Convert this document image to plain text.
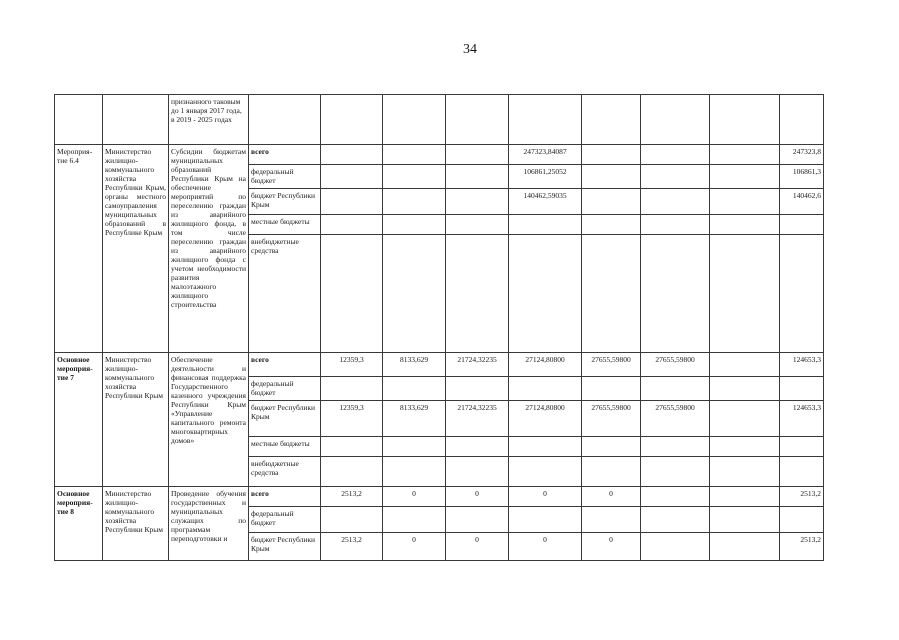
34
		признанного таковым до 1 января 2017 года, в 2019 - 2025 годах									
Мероприя-тие 6.4	Министерство жилищно-коммунального хозяйства Республики Крым, органы местного самоуправления муниципальных образований в Республике Крым	Субсидии бюджетам муниципальных образований Республики Крым на обеспечение мероприятий по переселению граждан из аварийного жилищного фонда, в том числе переселению граждан из аварийного жилищного фонда с учетом необходимости развития малоэтажного жилищного строительства	всего				247323,84087				247323,8
			федеральный бюджет				106861,25052				106861,3
			бюджет Республики Крым				140462,59035				140462,6
			местные бюджеты								
			внебюджетные средства								
Основное мероприя-тие 7	Министерство жилищно-коммунального хозяйства Республики Крым	Обеспечение деятельности и финансовая поддержка Государственного казенного учреждения Республики Крым «Управление капитального ремонта многоквартирных домов»	всего	12359,3	8133,629	21724,32235	27124,80800	27655,59800	27655,59800		124653,3
			федеральный бюджет								
			бюджет Республики Крым	12359,3	8133,629	21724,32235	27124,80800	27655,59800	27655,59800		124653,3
			местные бюджеты								
			внебюджетные средства								
Основное мероприя-тие 8	Министерство жилищно-коммунального хозяйства Республики Крым	Проведение обучения государственных и муниципальных служащих по программам переподготовки и	всего	2513,2	0	0	0	0			2513,2
			федеральный бюджет								
			бюджет Республики Крым	2513,2	0	0	0	0			2513,2
